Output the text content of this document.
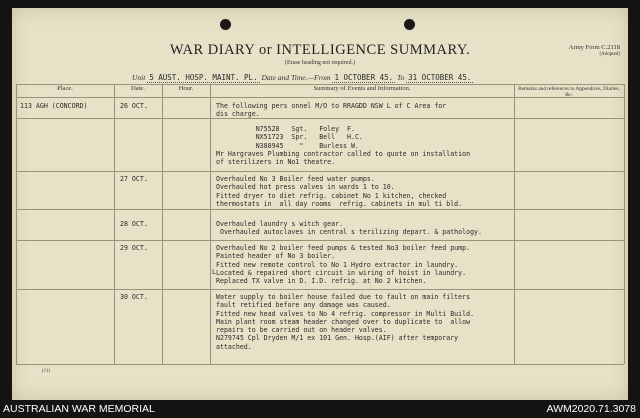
WAR DIARY or INTELLIGENCE SUMMARY.
(Erase heading not required.)
Army Form C.2118
(Adopted)
Unit 5 AUST. HOSP. MAINT. PL. Date and Time.—From 1 OCTOBER 45. To 31 OCTOBER 45.
Place.	Date.	Hour.	Summary of Events and Information.	Remarks and references to Appendices, Diaries, &c.
113 AGH (CONCORD)	26 OCT.	The following pers onnel M/O to RRAGDD NSW L of C Area for
dis charge.
N75528   Sgt.   Foley  F.
NX51723  Spr.   Bell   H.C.
N388945    "    Burless W.
Mr Hargraves Plumbing contractor called to quote on installation
of sterilizers in No1 theatre.
27 OCT.	Overhauled No 3 Boiler feed water pumps.
Overhauled hot press valves in wards 1 to 10.
Fitted dryer to diet refrig. cabinet No 1 kitchen, checked
thermostats in  all day rooms  refrig. cabinets in mul ti bld.
28 OCT.	Overhauled laundry s witch gear.
Overhauled autoclaves in central s terilizing depart. & pathology.
29 OCT.	Overhauled No 2 boiler feed pumps & tested No3 boiler feed pump.
Painted header of No 3 boiler.
Fitted new remote control to No 1 Hydro extractor in laundry.
Located & repaired short circuit in wiring of hoist in laundry.
Replaced TX valve in D. I.D. refrig. at No 2 kitchen.
L
30 OCT.	Water supply to boiler house failed due to fault on main filters
fault retified before any damage was caused.
Fitted new head valves to No 4 refrig. compressor in Multi Build.
Main plant room steam header changed over to duplicate to  allow
repairs to be carried out on header valves.
N279745 Cpl Dryden M/1 ex 101 Gen. Hosp.(AIF) after temporary
attached.
(11)
AUSTRALIAN WAR MEMORIAL	AWM2020.71.3078
